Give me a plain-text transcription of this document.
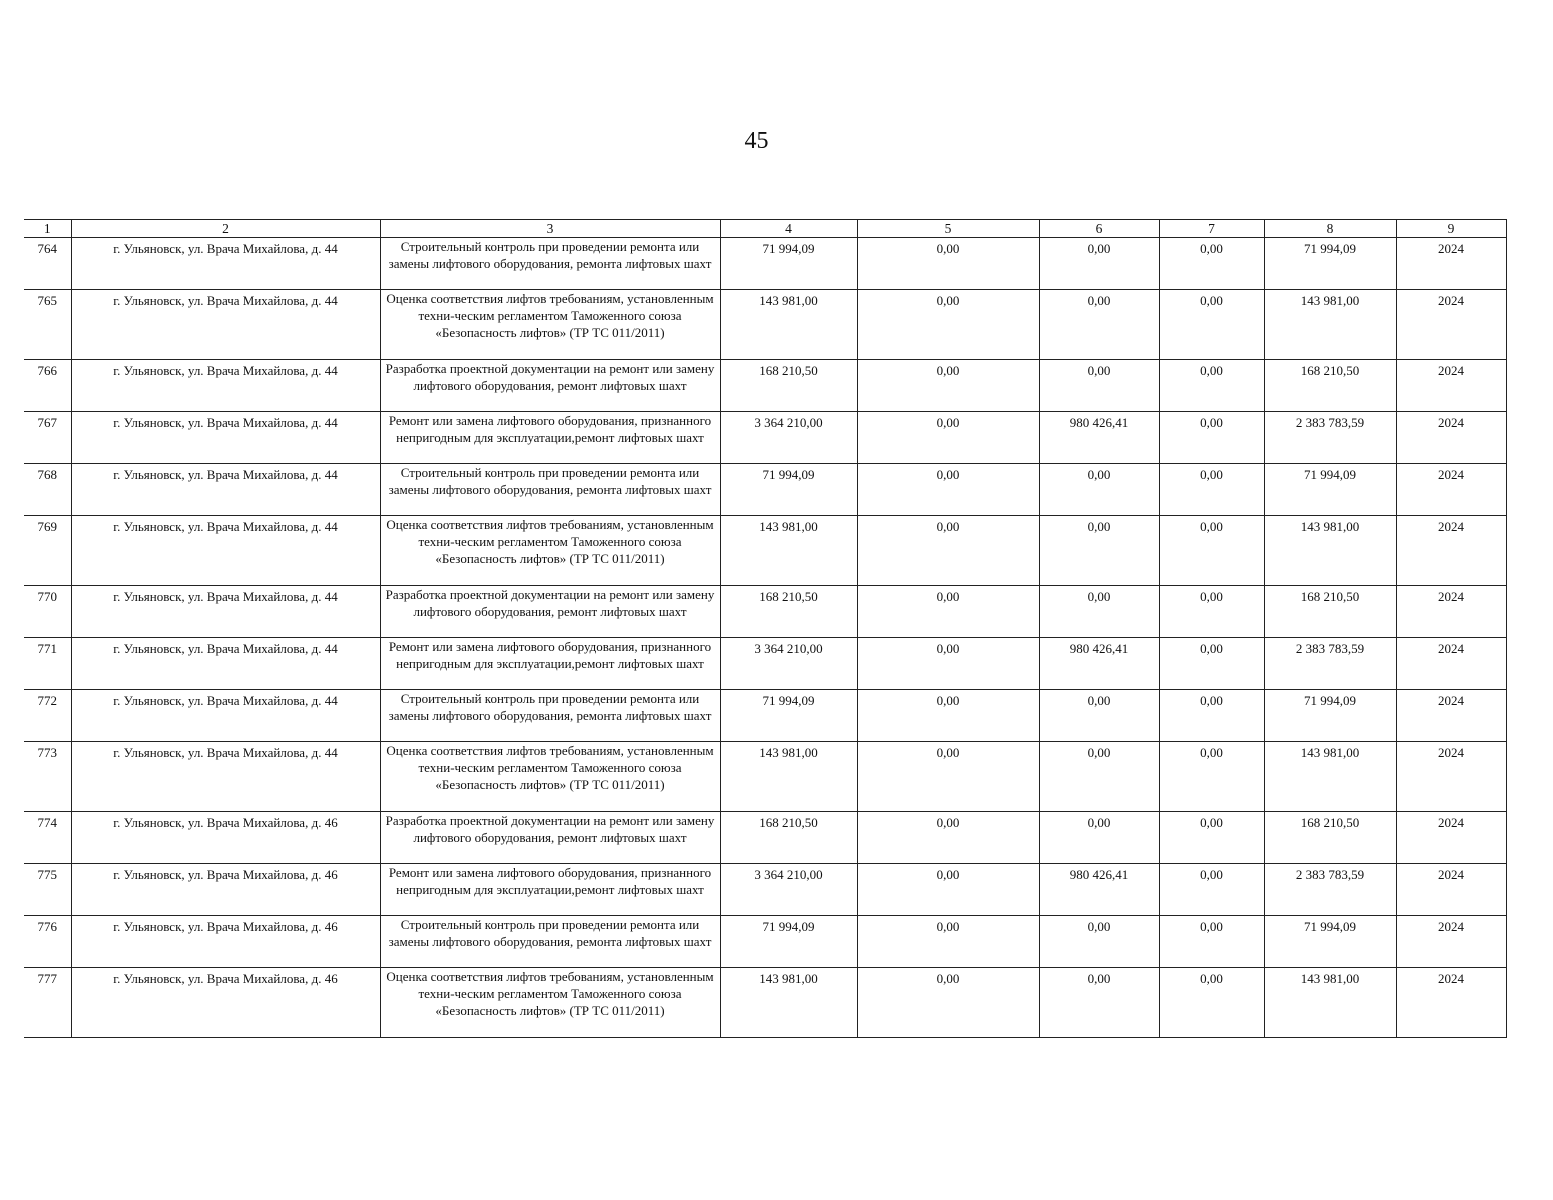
45
1	2	3	4	5	6	7	8	9
764	г. Ульяновск, ул. Врача Михайлова, д. 44	Строительный контроль при проведении ремонта или замены лифтового оборудования, ремонта лифтовых шахт	71 994,09	0,00	0,00	0,00	71 994,09	2024
765	г. Ульяновск, ул. Врача Михайлова, д. 44	Оценка соответствия лифтов требованиям, установленным техни-ческим регламентом Таможенного союза «Безопасность лифтов» (ТР ТС 011/2011)	143 981,00	0,00	0,00	0,00	143 981,00	2024
766	г. Ульяновск, ул. Врача Михайлова, д. 44	Разработка проектной документации на ремонт или замену лифтового оборудования, ремонт лифтовых шахт	168 210,50	0,00	0,00	0,00	168 210,50	2024
767	г. Ульяновск, ул. Врача Михайлова, д. 44	Ремонт или замена лифтового оборудования, признанного непригодным для эксплуатации,ремонт лифтовых шахт	3 364 210,00	0,00	980 426,41	0,00	2 383 783,59	2024
768	г. Ульяновск, ул. Врача Михайлова, д. 44	Строительный контроль при проведении ремонта или замены лифтового оборудования, ремонта лифтовых шахт	71 994,09	0,00	0,00	0,00	71 994,09	2024
769	г. Ульяновск, ул. Врача Михайлова, д. 44	Оценка соответствия лифтов требованиям, установленным техни-ческим регламентом Таможенного союза «Безопасность лифтов» (ТР ТС 011/2011)	143 981,00	0,00	0,00	0,00	143 981,00	2024
770	г. Ульяновск, ул. Врача Михайлова, д. 44	Разработка проектной документации на ремонт или замену лифтового оборудования, ремонт лифтовых шахт	168 210,50	0,00	0,00	0,00	168 210,50	2024
771	г. Ульяновск, ул. Врача Михайлова, д. 44	Ремонт или замена лифтового оборудования, признанного непригодным для эксплуатации,ремонт лифтовых шахт	3 364 210,00	0,00	980 426,41	0,00	2 383 783,59	2024
772	г. Ульяновск, ул. Врача Михайлова, д. 44	Строительный контроль при проведении ремонта или замены лифтового оборудования, ремонта лифтовых шахт	71 994,09	0,00	0,00	0,00	71 994,09	2024
773	г. Ульяновск, ул. Врача Михайлова, д. 44	Оценка соответствия лифтов требованиям, установленным техни-ческим регламентом Таможенного союза «Безопасность лифтов» (ТР ТС 011/2011)	143 981,00	0,00	0,00	0,00	143 981,00	2024
774	г. Ульяновск, ул. Врача Михайлова, д. 46	Разработка проектной документации на ремонт или замену лифтового оборудования, ремонт лифтовых шахт	168 210,50	0,00	0,00	0,00	168 210,50	2024
775	г. Ульяновск, ул. Врача Михайлова, д. 46	Ремонт или замена лифтового оборудования, признанного непригодным для эксплуатации,ремонт лифтовых шахт	3 364 210,00	0,00	980 426,41	0,00	2 383 783,59	2024
776	г. Ульяновск, ул. Врача Михайлова, д. 46	Строительный контроль при проведении ремонта или замены лифтового оборудования, ремонта лифтовых шахт	71 994,09	0,00	0,00	0,00	71 994,09	2024
777	г. Ульяновск, ул. Врача Михайлова, д. 46	Оценка соответствия лифтов требованиям, установленным техни-ческим регламентом Таможенного союза «Безопасность лифтов» (ТР ТС 011/2011)	143 981,00	0,00	0,00	0,00	143 981,00	2024
